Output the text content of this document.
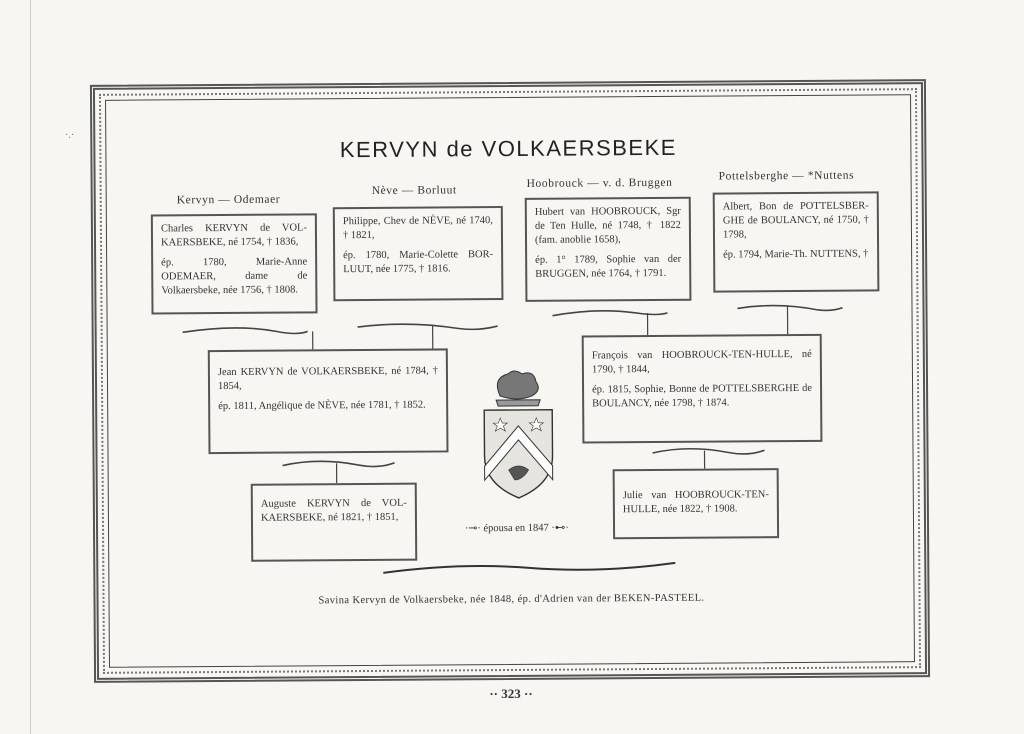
·.·	KERVYN de VOLKAERSBEKE
Kervyn — Odemaer
Nève — Borluut
Hoobrouck — v. d. Bruggen
Pottelsberghe — *Nuttens

Charles KERVYN de VOL-KAERSBEKE, né 1754, † 1836,

ép. 1780, Marie-Anne ODEMAER, dame de Volkaersbeke, née 1756, † 1808.

Philippe, Chev de NÈVE, né 1740, † 1821,

ép. 1780, Marie-Colette BOR-LUUT, née 1775, † 1816.

Hubert van HOOBROUCK, Sgr de Ten Hulle, né 1748, † 1822 (fam. anoblie 1658),

ép. 1° 1789, Sophie van der BRUGGEN, née 1764, † 1791.

Albert, Bon de POTTELSBER-GHE de BOULANCY, né 1750, † 1798,

ép. 1794, Marie-Th. NUTTENS, †

Jean KERVYN de VOLKAERSBEKE, né 1784, † 1854,

ép. 1811, Angélique de NÈVE, née 1781, † 1852.

François van HOOBROUCK-TEN-HULLE, né 1790, † 1844,

ép. 1815, Sophie, Bonne de POTTELSBERGHE de BOULANCY, née 1798, † 1874.

Auguste KERVYN de VOL-KAERSBEKE, né 1821, † 1851,

Julie van HOOBROUCK-TEN-HULLE, née 1822, † 1908.

·⊸· épousa en 1847 ·⊷·
Savina Kervyn de Volkaersbeke, née 1848, ép. d'Adrien van der BEKEN-PASTEEL.
·· 323 ··
